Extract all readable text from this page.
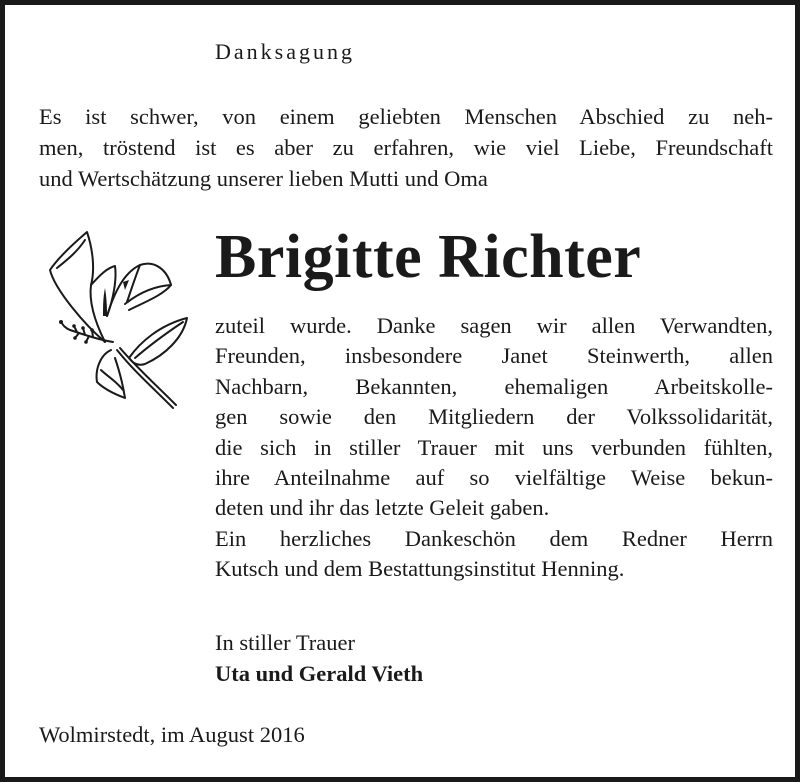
Danksagung
Es ist schwer, von einem geliebten Menschen Abschied zu neh-
men, tröstend ist es aber zu erfahren, wie viel Liebe, Freundschaft
und Wertschätzung unserer lieben Mutti und Oma
Brigitte Richter
zuteil wurde. Danke sagen wir allen Verwandten,
Freunden, insbesondere Janet Steinwerth, allen
Nachbarn, Bekannten, ehemaligen Arbeitskolle-
gen sowie den Mitgliedern der Volkssolidarität,
die sich in stiller Trauer mit uns verbunden fühlten,
ihre Anteilnahme auf so vielfältige Weise bekun-
deten und ihr das letzte Geleit gaben.
Ein herzliches Dankeschön dem Redner Herrn
Kutsch und dem Bestattungsinstitut Henning.
In stiller Trauer
Uta und Gerald Vieth
Wolmirstedt, im August 2016
